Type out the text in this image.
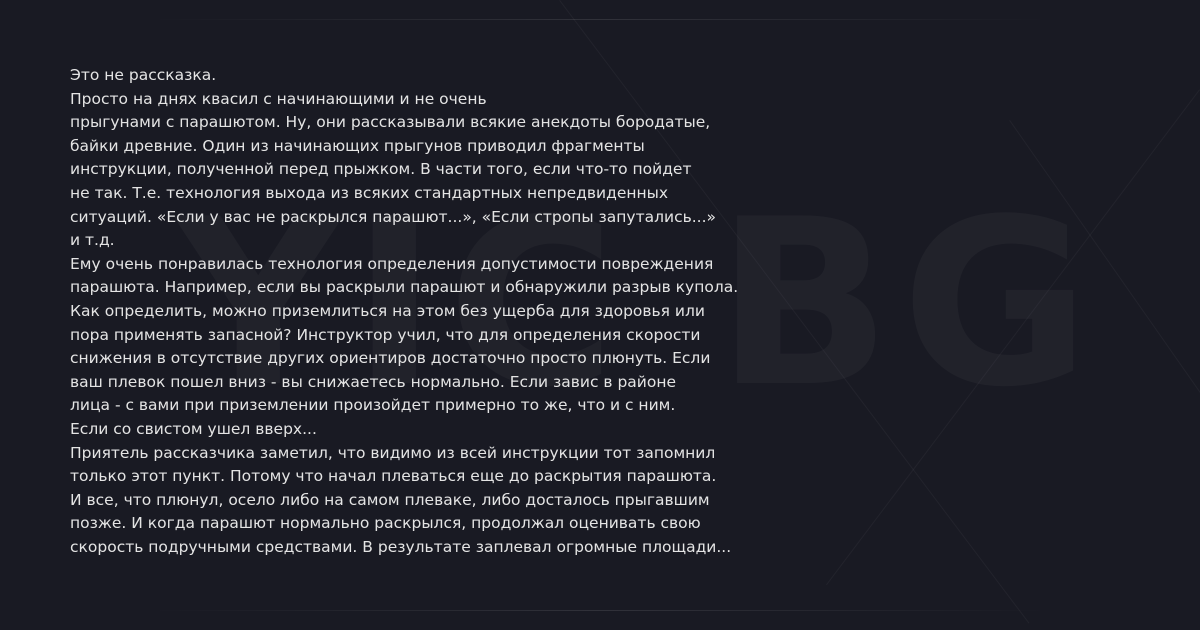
Это не рассказка.
Просто на днях квасил с начинающими и не очень
прыгунами с парашютом. Ну, они рассказывали всякие анекдоты бородатые,
байки древние. Один из начинающих прыгунов приводил фрагменты
инструкции, полученной перед прыжком. В части того, если что-то пойдет
не так. Т.е. технология выхода из всяких стандартных непредвиденных
ситуаций. «Если у вас не раскрылся парашют...», «Если стропы запутались...»
и т.д.
Ему очень понравилась технология определения допустимости повреждения
парашюта. Например, если вы раскрыли парашют и обнаружили разрыв купола.
Как определить, можно приземлиться на этом без ущерба для здоровья или
пора применять запасной? Инструктор учил, что для определения скорости
снижения в отсутствие других ориентиров достаточно просто плюнуть. Если
ваш плевок пошел вниз - вы снижаетесь нормально. Если завис в районе
лица - с вами при приземлении произойдет примерно то же, что и с ним.
Если со свистом ушел вверх...
Приятель рассказчика заметил, что видимо из всей инструкции тот запомнил
только этот пункт. Потому что начал плеваться еще до раскрытия парашюта.
И все, что плюнул, осело либо на самом плеваке, либо досталось прыгавшим
позже. И когда парашют нормально раскрылся, продолжал оценивать свою
скорость подручными средствами. В результате заплевал огромные площади...
